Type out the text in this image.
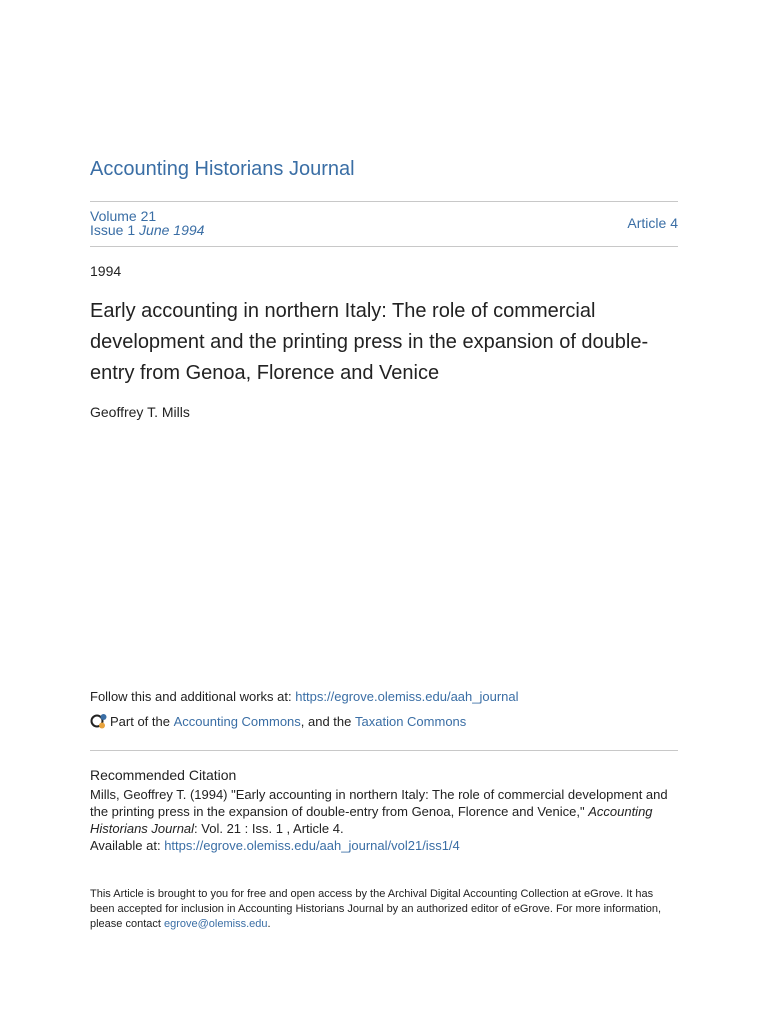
Accounting Historians Journal
Volume 21
Issue 1 June 1994	Article 4
1994
Early accounting in northern Italy: The role of commercial development and the printing press in the expansion of double-entry from Genoa, Florence and Venice
Geoffrey T. Mills
Follow this and additional works at: https://egrove.olemiss.edu/aah_journal
Part of the
Accounting Commons , and the
Taxation Commons
Recommended Citation
Mills, Geoffrey T. (1994) "Early accounting in northern Italy: The role of commercial development and the printing press in the expansion of double-entry from Genoa, Florence and Venice," Accounting Historians Journal: Vol. 21 : Iss. 1 , Article 4.
Available at: https://egrove.olemiss.edu/aah_journal/vol21/iss1/4
This Article is brought to you for free and open access by the Archival Digital Accounting Collection at eGrove. It has been accepted for inclusion in Accounting Historians Journal by an authorized editor of eGrove. For more information, please contact egrove@olemiss.edu.
